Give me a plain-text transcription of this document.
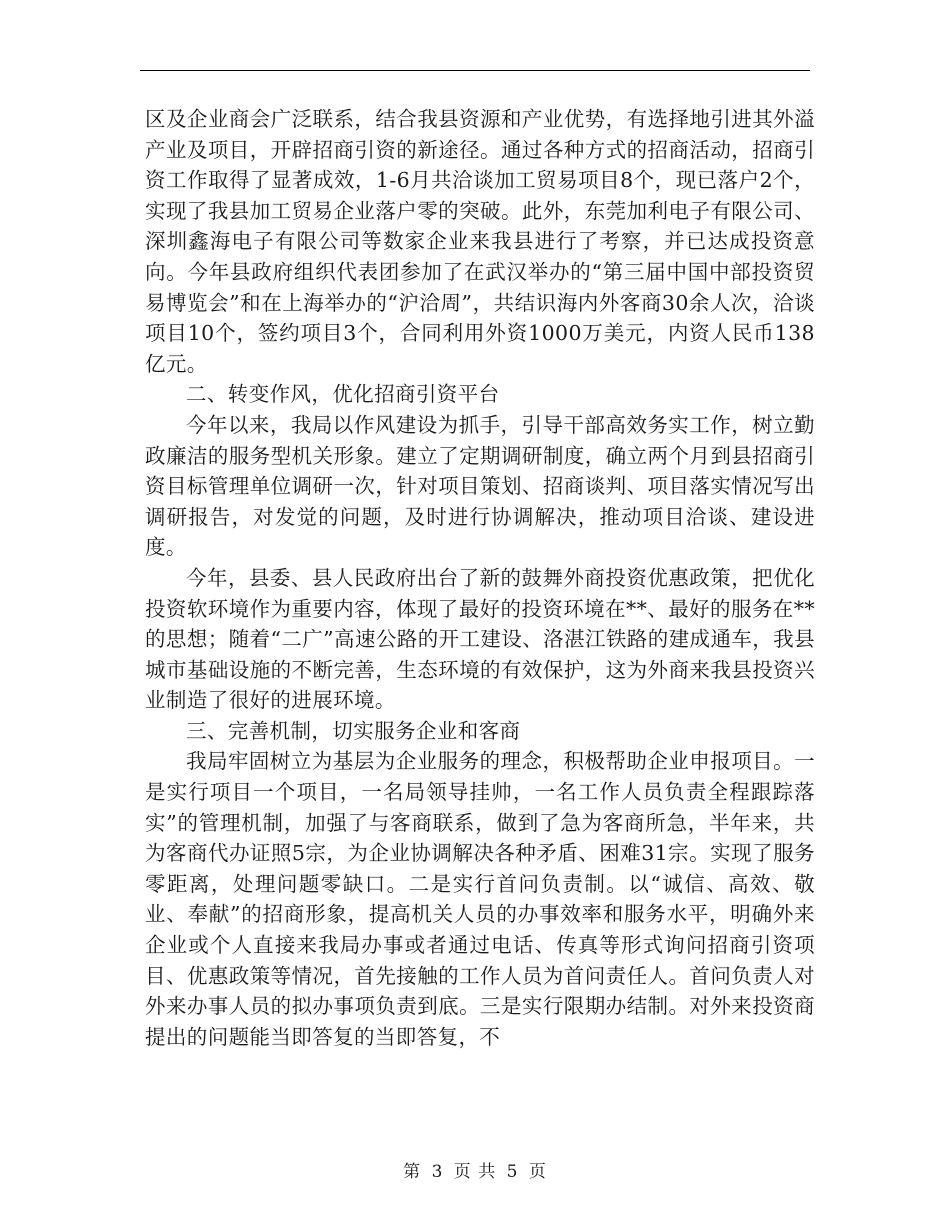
区及企业商会广泛联系，结合我县资源和产业优势，有选择地引进其外溢产业及项目，开辟招商引资的新途径。通过各种方式的招商活动，招商引资工作取得了显著成效，1-6月共洽谈加工贸易项目8个，现已落户2个，实现了我县加工贸易企业落户零的突破。此外，东莞加利电子有限公司、深圳鑫海电子有限公司等数家企业来我县进行了考察，并已达成投资意向。今年县政府组织代表团参加了在武汉举办的“第三届中国中部投资贸易博览会”和在上海举办的“沪洽周”，共结识海内外客商30余人次，洽谈项目10个，签约项目3个，合同利用外资1000万美元，内资人民币138亿元。

二、转变作风，优化招商引资平台

今年以来，我局以作风建设为抓手，引导干部高效务实工作，树立勤政廉洁的服务型机关形象。建立了定期调研制度，确立两个月到县招商引资目标管理单位调研一次，针对项目策划、招商谈判、项目落实情况写出调研报告，对发觉的问题，及时进行协调解决，推动项目洽谈、建设进度。

今年，县委、县人民政府出台了新的鼓舞外商投资优惠政策，把优化投资软环境作为重要内容，体现了最好的投资环境在**、最好的服务在**的思想；随着“二广”高速公路的开工建设、洛湛江铁路的建成通车，我县城市基础设施的不断完善，生态环境的有效保护，这为外商来我县投资兴业制造了很好的进展环境。

三、完善机制，切实服务企业和客商

我局牢固树立为基层为企业服务的理念，积极帮助企业申报项目。一是实行项目一个项目，一名局领导挂帅，一名工作人员负责全程跟踪落实”的管理机制，加强了与客商联系，做到了急为客商所急，半年来，共为客商代办证照5宗，为企业协调解决各种矛盾、困难31宗。实现了服务零距离，处理问题零缺口。二是实行首问负责制。以“诚信、高效、敬业、奉献”的招商形象，提高机关人员的办事效率和服务水平，明确外来企业或个人直接来我局办事或者通过电话、传真等形式询问招商引资项目、优惠政策等情况，首先接触的工作人员为首问责任人。首问负责人对外来办事人员的拟办事项负责到底。三是实行限期办结制。对外来投资商提出的问题能当即答复的当即答复，不

第 3 页 共 5 页
